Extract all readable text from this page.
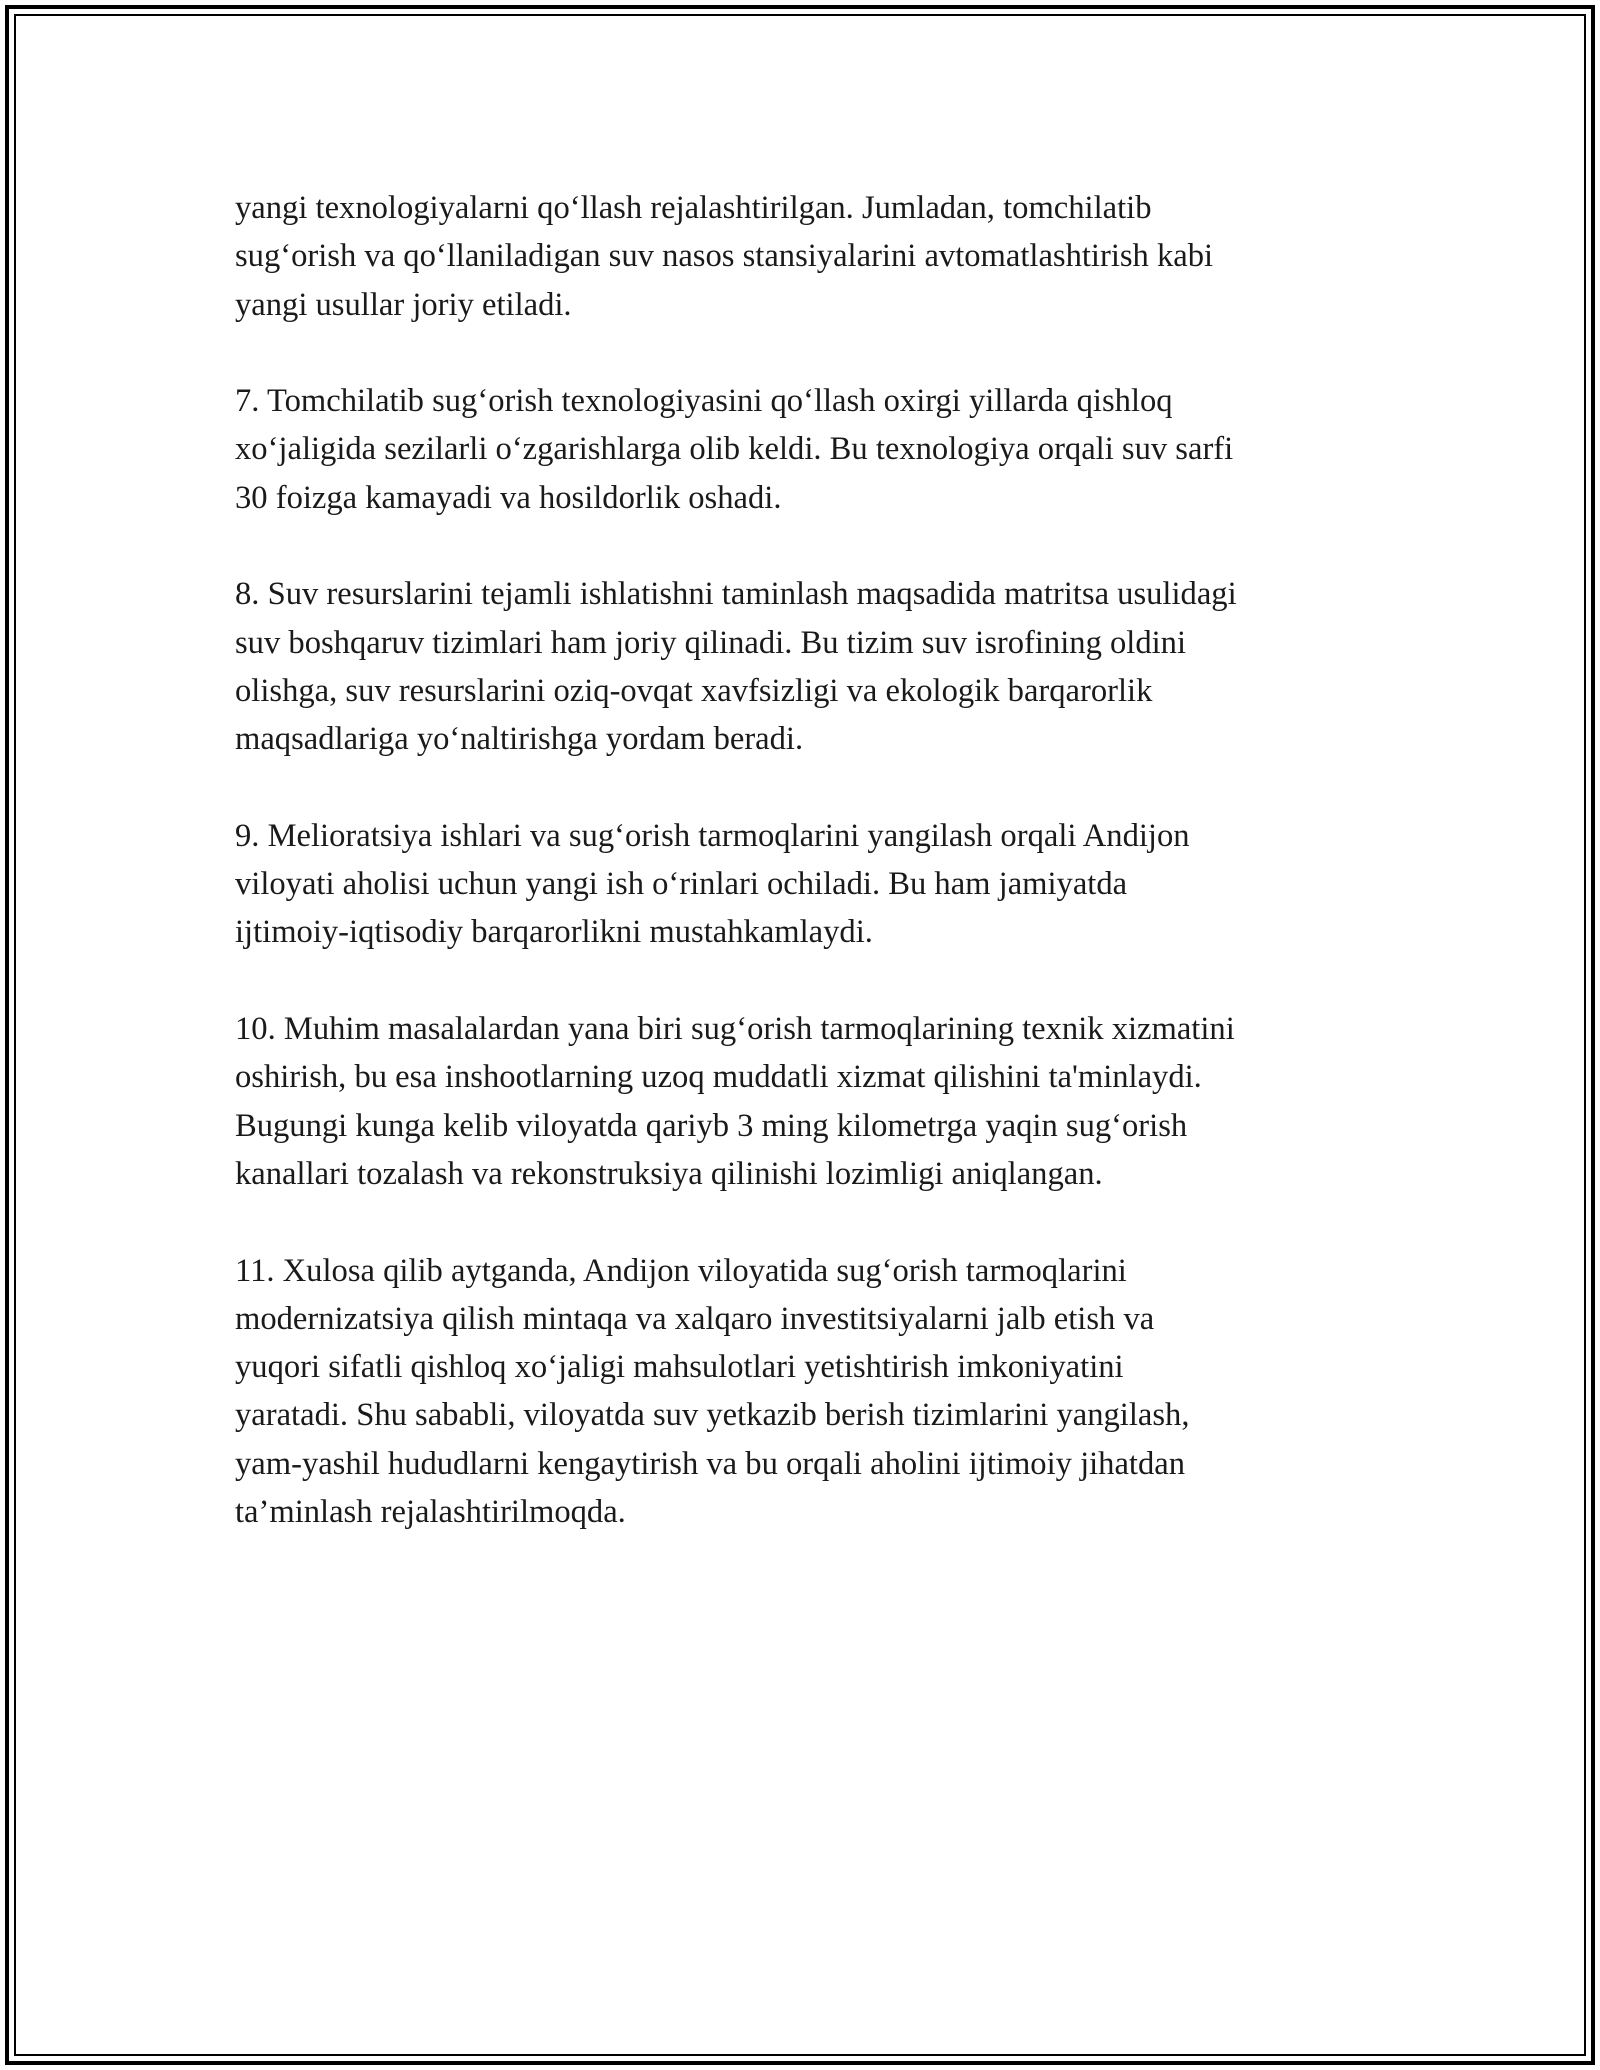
yangi texnologiyalarni qo‘llash rejalashtirilgan. Jumladan, tomchilatib
sug‘orish va qo‘llaniladigan suv nasos stansiyalarini avtomatlashtirish kabi
yangi usullar joriy etiladi.

7. Tomchilatib sug‘orish texnologiyasini qo‘llash oxirgi yillarda qishloq
xo‘jaligida sezilarli o‘zgarishlarga olib keldi. Bu texnologiya orqali suv sarfi
30 foizga kamayadi va hosildorlik oshadi.

8. Suv resurslarini tejamli ishlatishni taminlash maqsadida matritsa usulidagi
suv boshqaruv tizimlari ham joriy qilinadi. Bu tizim suv isrofining oldini
olishga, suv resurslarini oziq-ovqat xavfsizligi va ekologik barqarorlik
maqsadlariga yo‘naltirishga yordam beradi.

9. Melioratsiya ishlari va sug‘orish tarmoqlarini yangilash orqali Andijon
viloyati aholisi uchun yangi ish o‘rinlari ochiladi. Bu ham jamiyatda
ijtimoiy-iqtisodiy barqarorlikni mustahkamlaydi.

10. Muhim masalalardan yana biri sug‘orish tarmoqlarining texnik xizmatini
oshirish, bu esa inshootlarning uzoq muddatli xizmat qilishini ta'minlaydi.
Bugungi kunga kelib viloyatda qariyb 3 ming kilometrga yaqin sug‘orish
kanallari tozalash va rekonstruksiya qilinishi lozimligi aniqlangan.

11. Xulosa qilib aytganda, Andijon viloyatida sug‘orish tarmoqlarini
modernizatsiya qilish mintaqa va xalqaro investitsiyalarni jalb etish va
yuqori sifatli qishloq xo‘jaligi mahsulotlari yetishtirish imkoniyatini
yaratadi. Shu sababli, viloyatda suv yetkazib berish tizimlarini yangilash,
yam-yashil hududlarni kengaytirish va bu orqali aholini ijtimoiy jihatdan
ta’minlash rejalashtirilmoqda.
